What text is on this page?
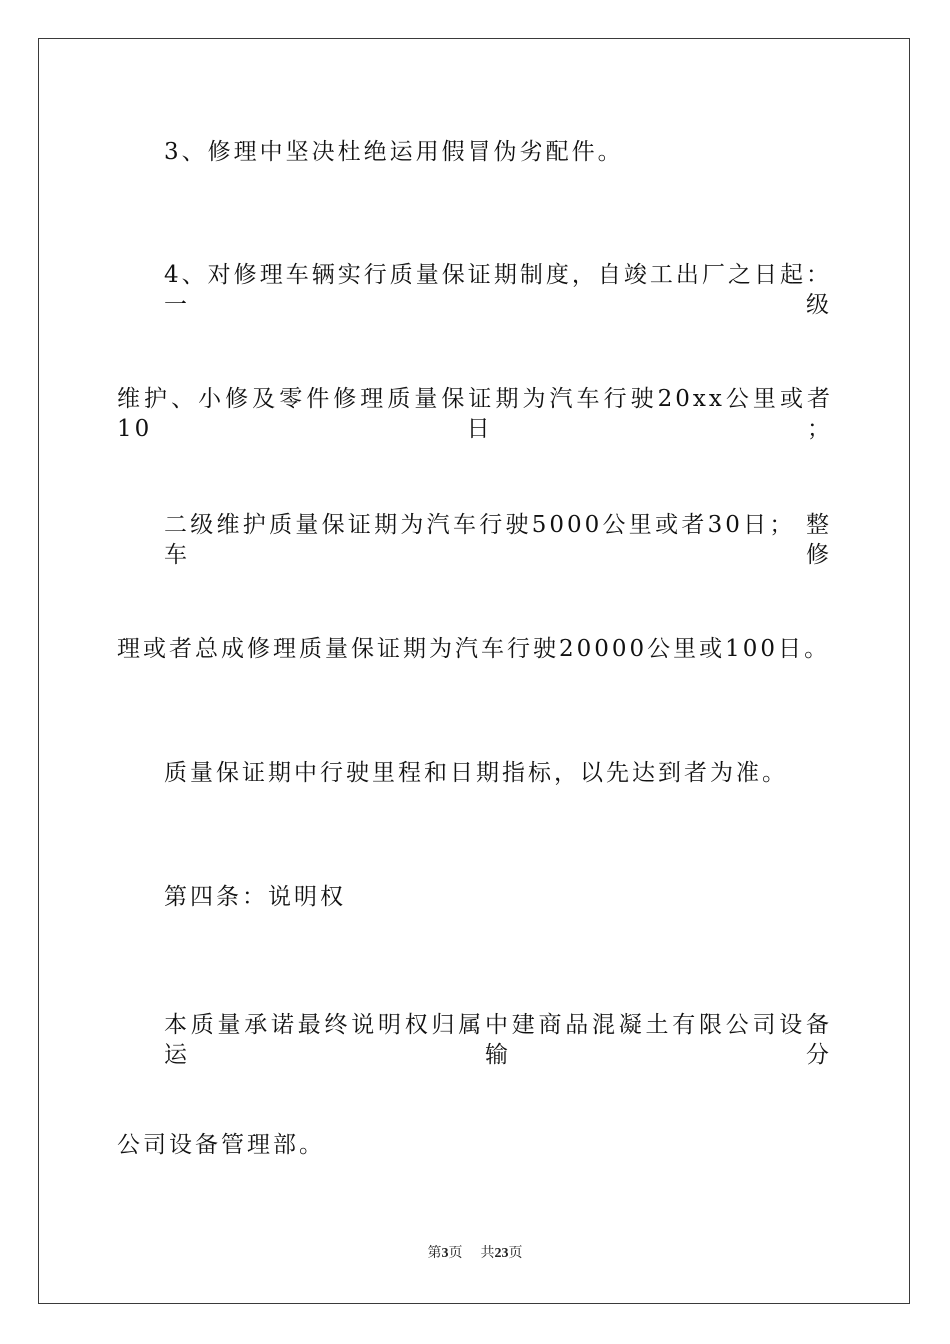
3、修理中坚决杜绝运用假冒伪劣配件。
4、对修理车辆实行质量保证期制度，自竣工出厂之日起： 一级
维护、小修及零件修理质量保证期为汽车行驶20xx公里或者10日；
二级维护质量保证期为汽车行驶5000公里或者30日； 整车修
理或者总成修理质量保证期为汽车行驶20000公里或100日。
质量保证期中行驶里程和日期指标，以先达到者为准。
第四条：说明权
本质量承诺最终说明权归属中建商品混凝土有限公司设备运输分
公司设备管理部。
第3页 共23页
